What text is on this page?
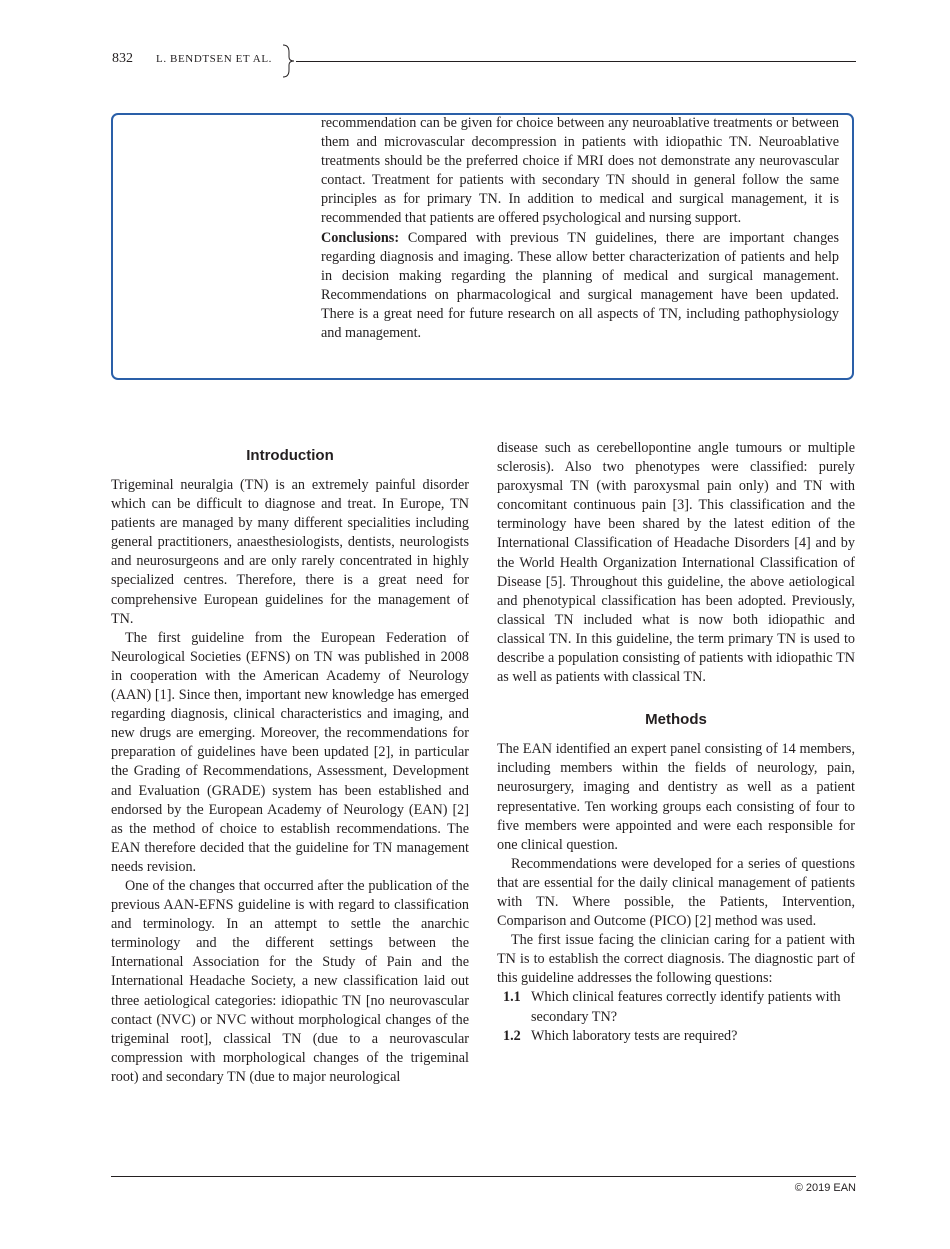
832 L. BENDTSEN ET AL.

recommendation can be given for choice between any neuroablative treatments or between them and microvascular decompression in patients with idiopathic TN. Neuroablative treatments should be the preferred choice if MRI does not demonstrate any neurovascular contact. Treatment for patients with secondary TN should in general follow the same principles as for primary TN. In addition to medical and surgical management, it is recommended that patients are offered psychological and nursing support.

Conclusions: Compared with previous TN guidelines, there are important changes regarding diagnosis and imaging. These allow better characterization of patients and help in decision making regarding the planning of medical and surgical management. Recommendations on pharmacological and surgical management have been updated. There is a great need for future research on all aspects of TN, including pathophysiology and management.

Introduction

Trigeminal neuralgia (TN) is an extremely painful disorder which can be difficult to diagnose and treat. In Europe, TN patients are managed by many different specialities including general practitioners, anaesthesiologists, dentists, neurologists and neurosurgeons and are only rarely concentrated in highly specialized centres. Therefore, there is a great need for comprehensive European guidelines for the management of TN.

The first guideline from the European Federation of Neurological Societies (EFNS) on TN was published in 2008 in cooperation with the American Academy of Neurology (AAN) [1]. Since then, important new knowledge has emerged regarding diagnosis, clinical characteristics and imaging, and new drugs are emerging. Moreover, the recommendations for preparation of guidelines have been updated [2], in particular the Grading of Recommendations, Assessment, Development and Evaluation (GRADE) system has been established and endorsed by the European Academy of Neurology (EAN) [2] as the method of choice to establish recommendations. The EAN therefore decided that the guideline for TN management needs revision.

One of the changes that occurred after the publication of the previous AAN-EFNS guideline is with regard to classification and terminology. In an attempt to settle the anarchic terminology and the different settings between the International Association for the Study of Pain and the International Headache Society, a new classification laid out three aetiological categories: idiopathic TN [no neurovascular contact (NVC) or NVC without morphological changes of the trigeminal root], classical TN (due to a neurovascular compression with morphological changes of the trigeminal root) and secondary TN (due to major neurological

disease such as cerebellopontine angle tumours or multiple sclerosis). Also two phenotypes were classified: purely paroxysmal TN (with paroxysmal pain only) and TN with concomitant continuous pain [3]. This classification and the terminology have been shared by the latest edition of the International Classification of Headache Disorders [4] and by the World Health Organization International Classification of Disease [5]. Throughout this guideline, the above aetiological and phenotypical classification has been adopted. Previously, classical TN included what is now both idiopathic and classical TN. In this guideline, the term primary TN is used to describe a population consisting of patients with idiopathic TN as well as patients with classical TN.

Methods

The EAN identified an expert panel consisting of 14 members, including members within the fields of neurology, pain, neurosurgery, imaging and dentistry as well as a patient representative. Ten working groups each consisting of four to five members were appointed and were each responsible for one clinical question.

Recommendations were developed for a series of questions that are essential for the daily clinical management of patients with TN. Where possible, the Patients, Intervention, Comparison and Outcome (PICO) [2] method was used.

The first issue facing the clinician caring for a patient with TN is to establish the correct diagnosis. The diagnostic part of this guideline addresses the following questions:

1.1 Which clinical features correctly identify patients with secondary TN?
1.2 Which laboratory tests are required?
© 2019 EAN
